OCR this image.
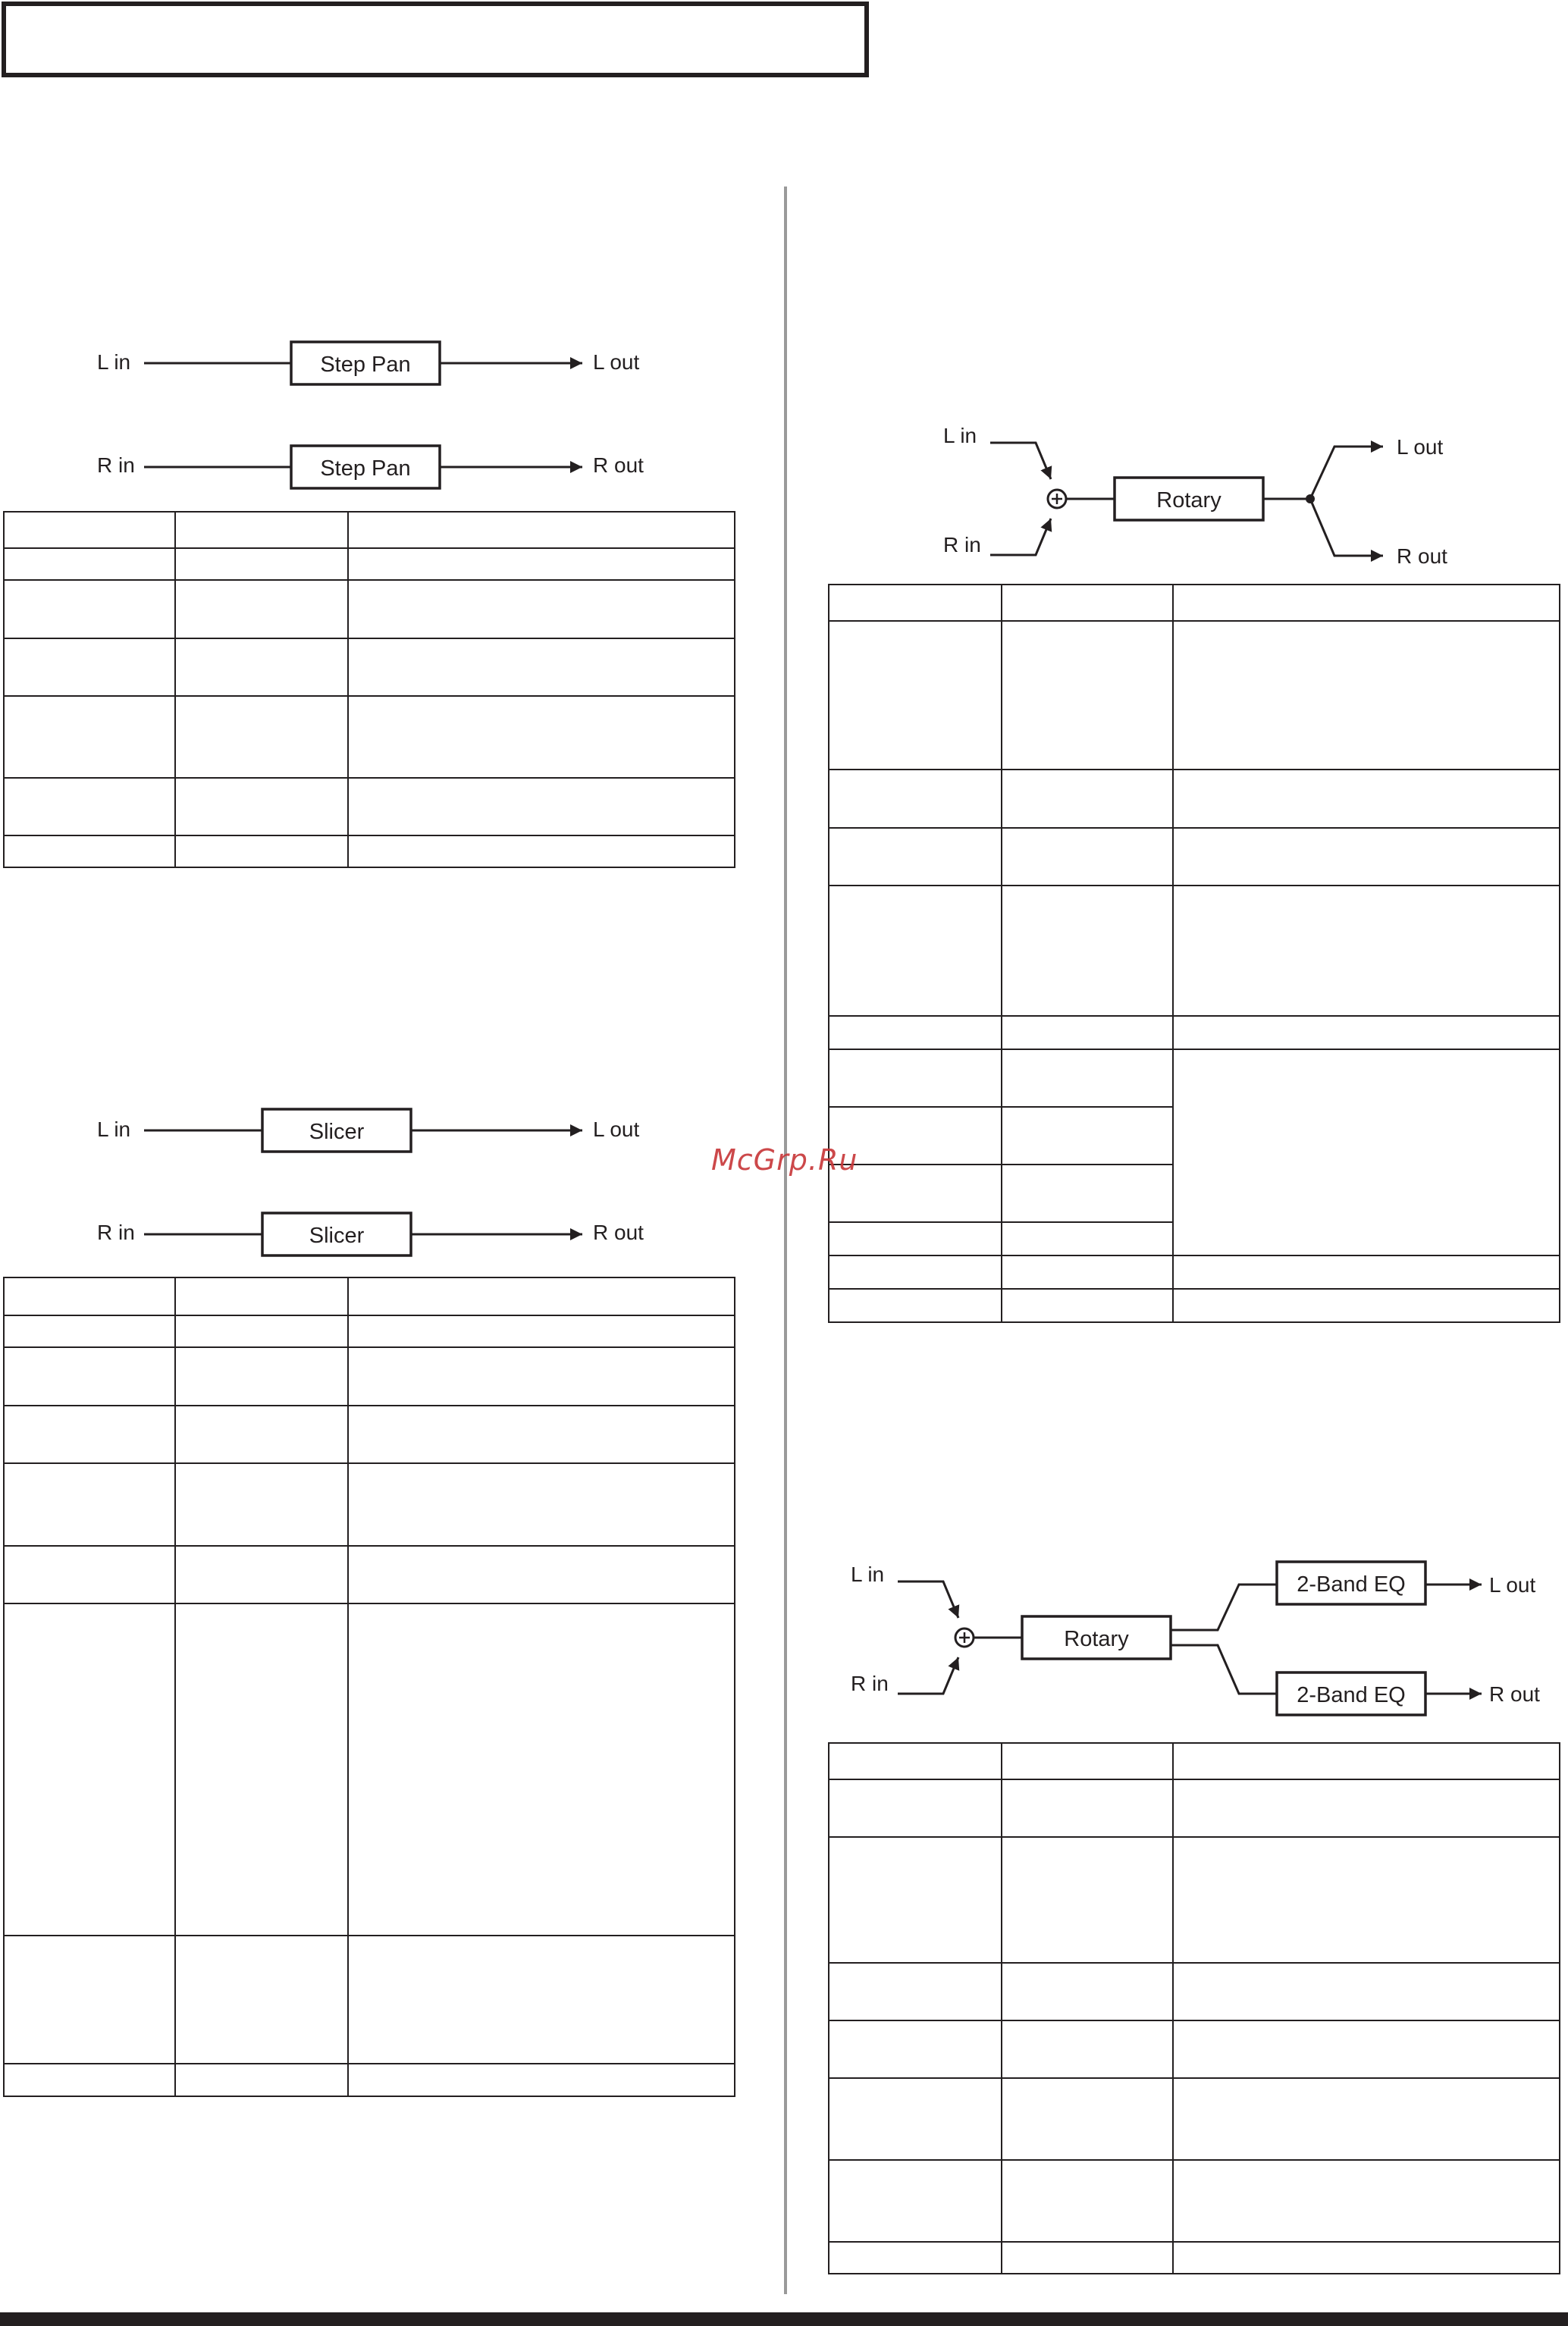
L in	Step Pan	L out
R in	Step Pan	R out

L in	Slicer	L out
R in	Slicer	R out

L in
R in
Rotary
L out
R out

L in
R in
Rotary
2-Band EQ
2-Band EQ
L out
R out

McGrp.Ru
